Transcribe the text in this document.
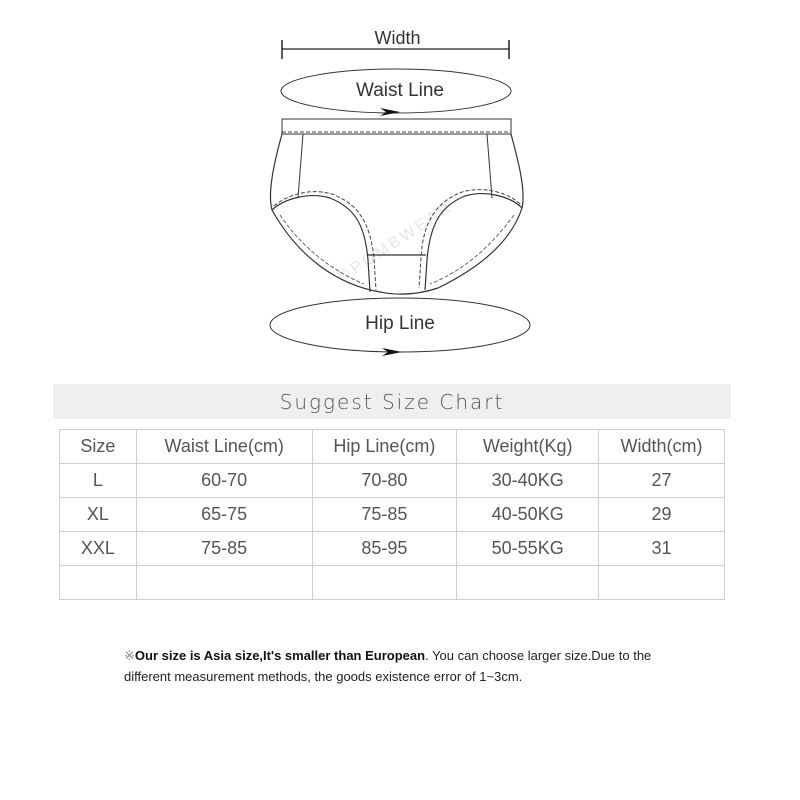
Width
Waist Line
Hip Line
©POMBWEAR
Suggest Size Chart
Size	Waist Line(cm)	Hip Line(cm)	Weight(Kg)	Width(cm)
L	60-70	70-80	30-40KG	27
XL	65-75	75-85	40-50KG	29
XXL	75-85	85-95	50-55KG	31

※Our size is Asia size,It's smaller than European. You can choose larger size.Due to the different measurement methods, the goods existence error of 1~3cm.
